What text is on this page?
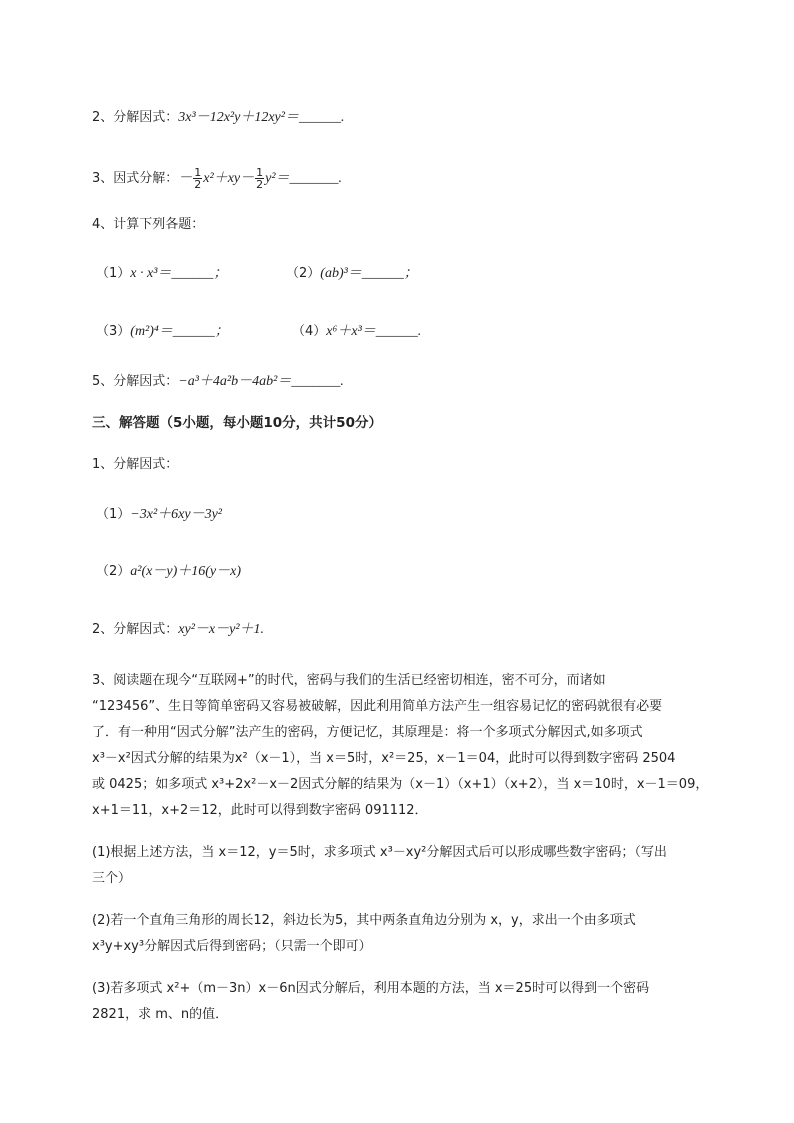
2、分解因式：3x³－12x²y＋12xy²＝______.
3、因式分解：－ $\frac{1}{2} x^2+xy- \frac{1}{2}$ y²＝_______.
4、计算下列各题：
（1）x · x³＝______；	（2）(ab)³＝______；
（3）(m²)⁴＝______；	（4）x⁶＋x³＝______.
5、分解因式：−a³＋4a²b－4ab²＝_______.
三、解答题（5小题，每小题10分，共计50分）
1、分解因式：
（1）−3x²＋6xy－3y²
（2）a²(x－y)＋16(y－x)
2、分解因式：xy²－x－y²＋1.
3、阅读题在现今“互联网+”的时代，密码与我们的生活已经密切相连，密不可分，而诸如
“123456”、生日等简单密码又容易被破解，因此利用简单方法产生一组容易记忆的密码就很有必要
了．有一种用“因式分解”法产生的密码，方便记忆，其原理是：将一个多项式分解因式,如多项式
x³－x²因式分解的结果为x²（x－1），当 x＝5时，x²＝25，x－1＝04，此时可以得到数字密码 2504
或 0425；如多项式 x³+2x²－x－2因式分解的结果为（x－1）（x+1）（x+2），当 x＝10时，x－1＝09，
x+1＝11，x+2＝12，此时可以得到数字密码 091112．
(1)根据上述方法，当 x＝12，y＝5时，求多项式 x³－xy²分解因式后可以形成哪些数字密码；（写出
三个）
(2)若一个直角三角形的周长12，斜边长为5，其中两条直角边分别为 x，y，求出一个由多项式
x³y+xy³分解因式后得到密码；（只需一个即可）
(3)若多项式 x²+（m－3n）x－6n因式分解后，利用本题的方法，当 x＝25时可以得到一个密码
2821，求 m、n的值．
